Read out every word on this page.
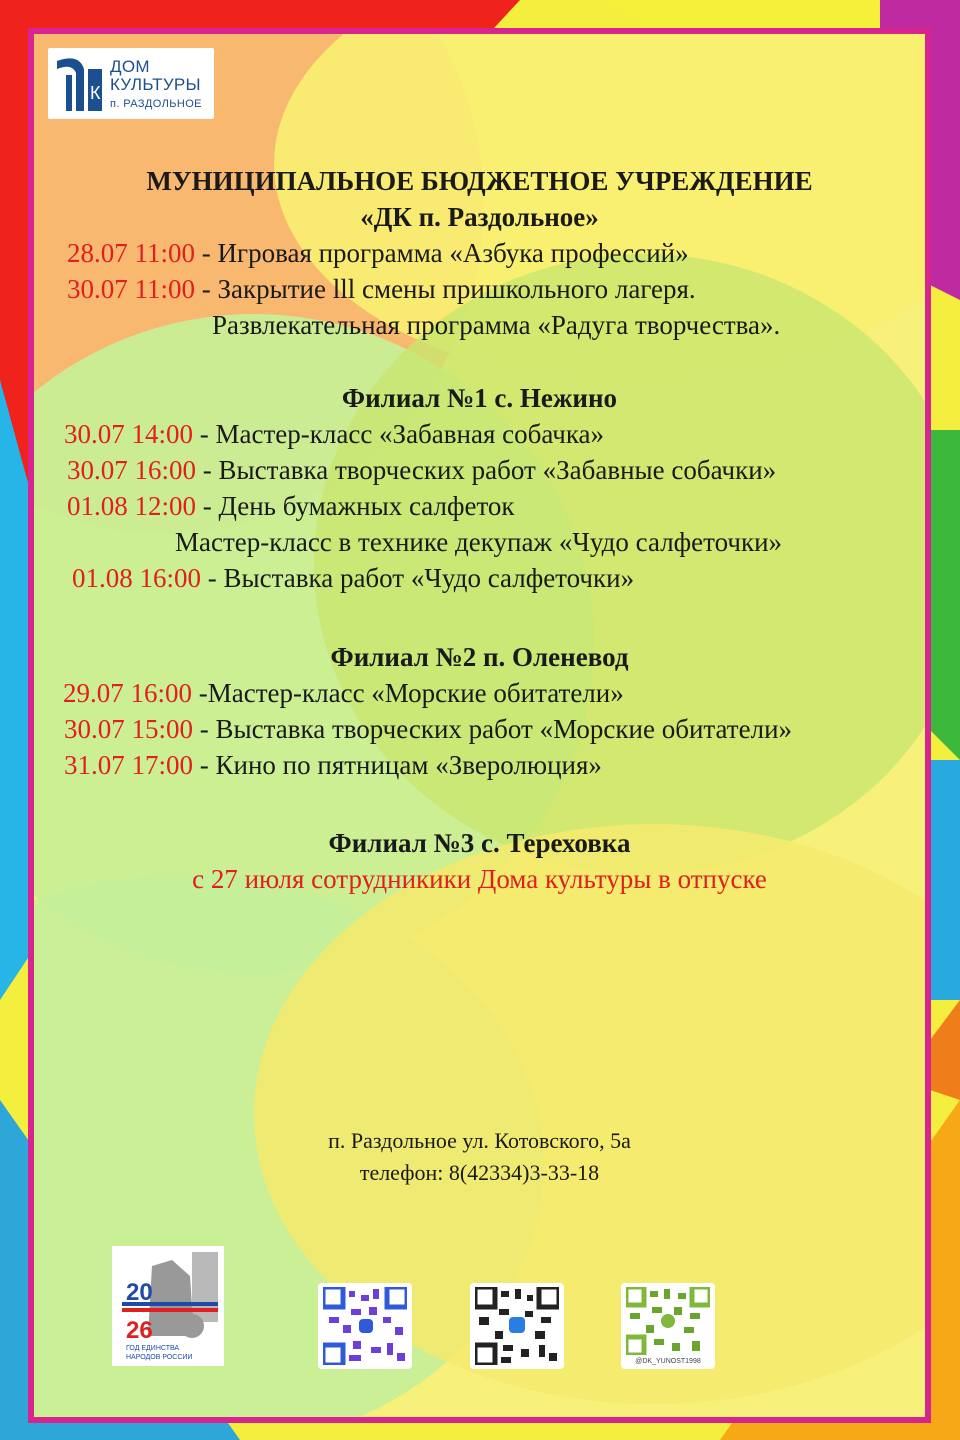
К
ДОМ
КУЛЬТУРЫ
п. РАЗДОЛЬНОЕ
МУНИЦИПАЛЬНОЕ БЮДЖЕТНОЕ УЧРЕЖДЕНИЕ
«ДК п. Раздольное»
28.07 11:00 - Игровая программа «Азбука профессий»
30.07 11:00 - Закрытие lll смены пришкольного лагеря.
Развлекательная программа «Радуга творчества».
Филиал №1 с. Нежино
30.07 14:00 - Мастер-класс «Забавная собачка»
30.07 16:00 - Выставка творческих работ «Забавные собачки»
01.08 12:00 - День бумажных салфеток
Мастер-класс в технике декупаж «Чудо салфеточки»
01.08 16:00 - Выставка работ «Чудо салфеточки»
Филиал №2 п. Оленевод
29.07 16:00 -Мастер-класс «Морские обитатели»
30.07 15:00 - Выставка творческих работ «Морские обитатели»
31.07 17:00 - Кино по пятницам «Зверолюция»
Филиал №3 с. Тереховка
с 27 июля сотрудникики Дома культуры в отпуске
п. Раздольное ул. Котовского, 5а
телефон: 8(42334)3-33-18
20
26
ГОД ЕДИНСТВА
НАРОДОВ РОССИИ
@DK_YUNOST1998
